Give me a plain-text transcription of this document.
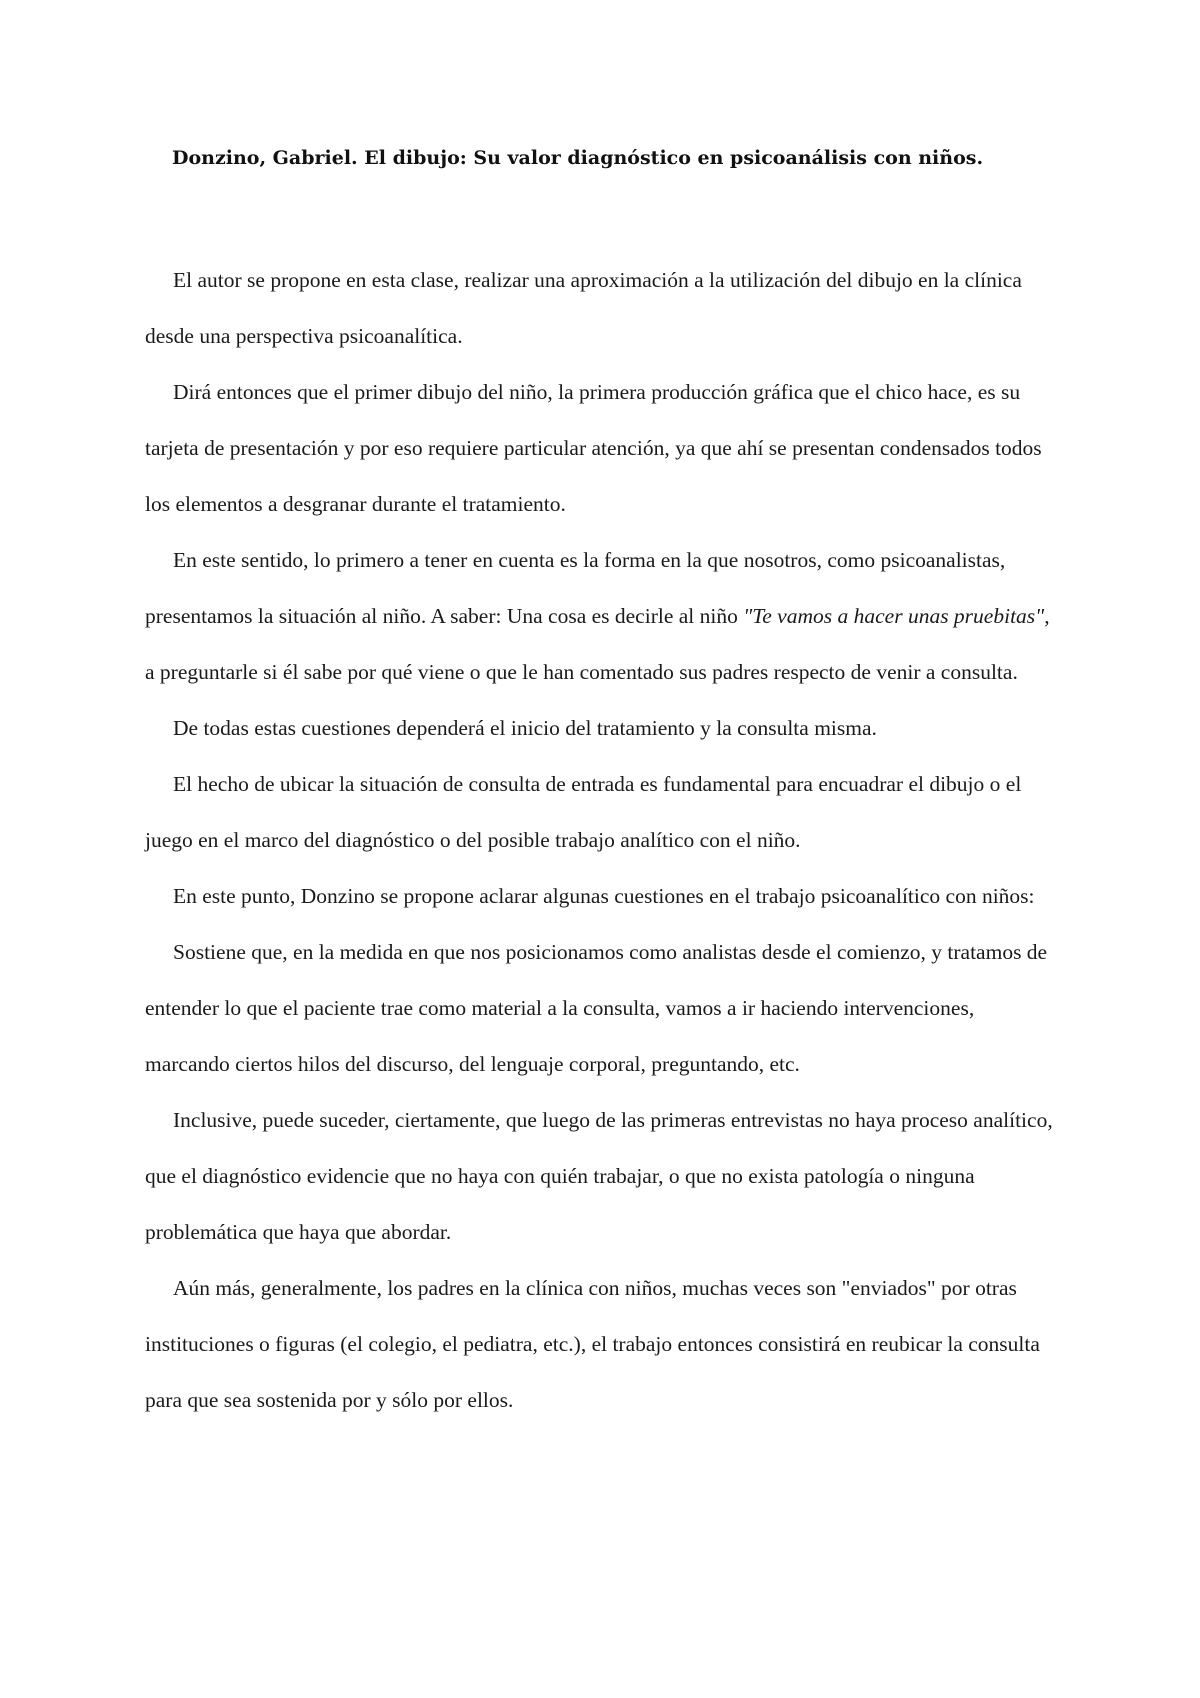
Donzino, Gabriel. El dibujo: Su valor diagnóstico en psicoanálisis con niños.

El autor se propone en esta clase, realizar una aproximación a la utilización del dibujo en la clínica desde una perspectiva psicoanalítica.

Dirá entonces que el primer dibujo del niño, la primera producción gráfica que el chico hace, es su tarjeta de presentación y por eso requiere particular atención, ya que ahí se presentan condensados todos los elementos a desgranar durante el tratamiento.

En este sentido, lo primero a tener en cuenta es la forma en la que nosotros, como psicoanalistas, presentamos la situación al niño. A saber: Una cosa es decirle al niño "Te vamos a hacer unas pruebitas", a preguntarle si él sabe por qué viene o que le han comentado sus padres respecto de venir a consulta.

De todas estas cuestiones dependerá el inicio del tratamiento y la consulta misma.

El hecho de ubicar la situación de consulta de entrada es fundamental para encuadrar el dibujo o el juego en el marco del diagnóstico o del posible trabajo analítico con el niño.

En este punto, Donzino se propone aclarar algunas cuestiones en el trabajo psicoanalítico con niños:

Sostiene que, en la medida en que nos posicionamos como analistas desde el comienzo, y tratamos de entender lo que el paciente trae como material a la consulta, vamos a ir haciendo intervenciones, marcando ciertos hilos del discurso, del lenguaje corporal, preguntando, etc.

Inclusive, puede suceder, ciertamente, que luego de las primeras entrevistas no haya proceso analítico, que el diagnóstico evidencie que no haya con quién trabajar, o que no exista patología o ninguna problemática que haya que abordar.

Aún más, generalmente, los padres en la clínica con niños, muchas veces son "enviados" por otras instituciones o figuras (el colegio, el pediatra, etc.), el trabajo entonces consistirá en reubicar la consulta para que sea sostenida por y sólo por ellos.
